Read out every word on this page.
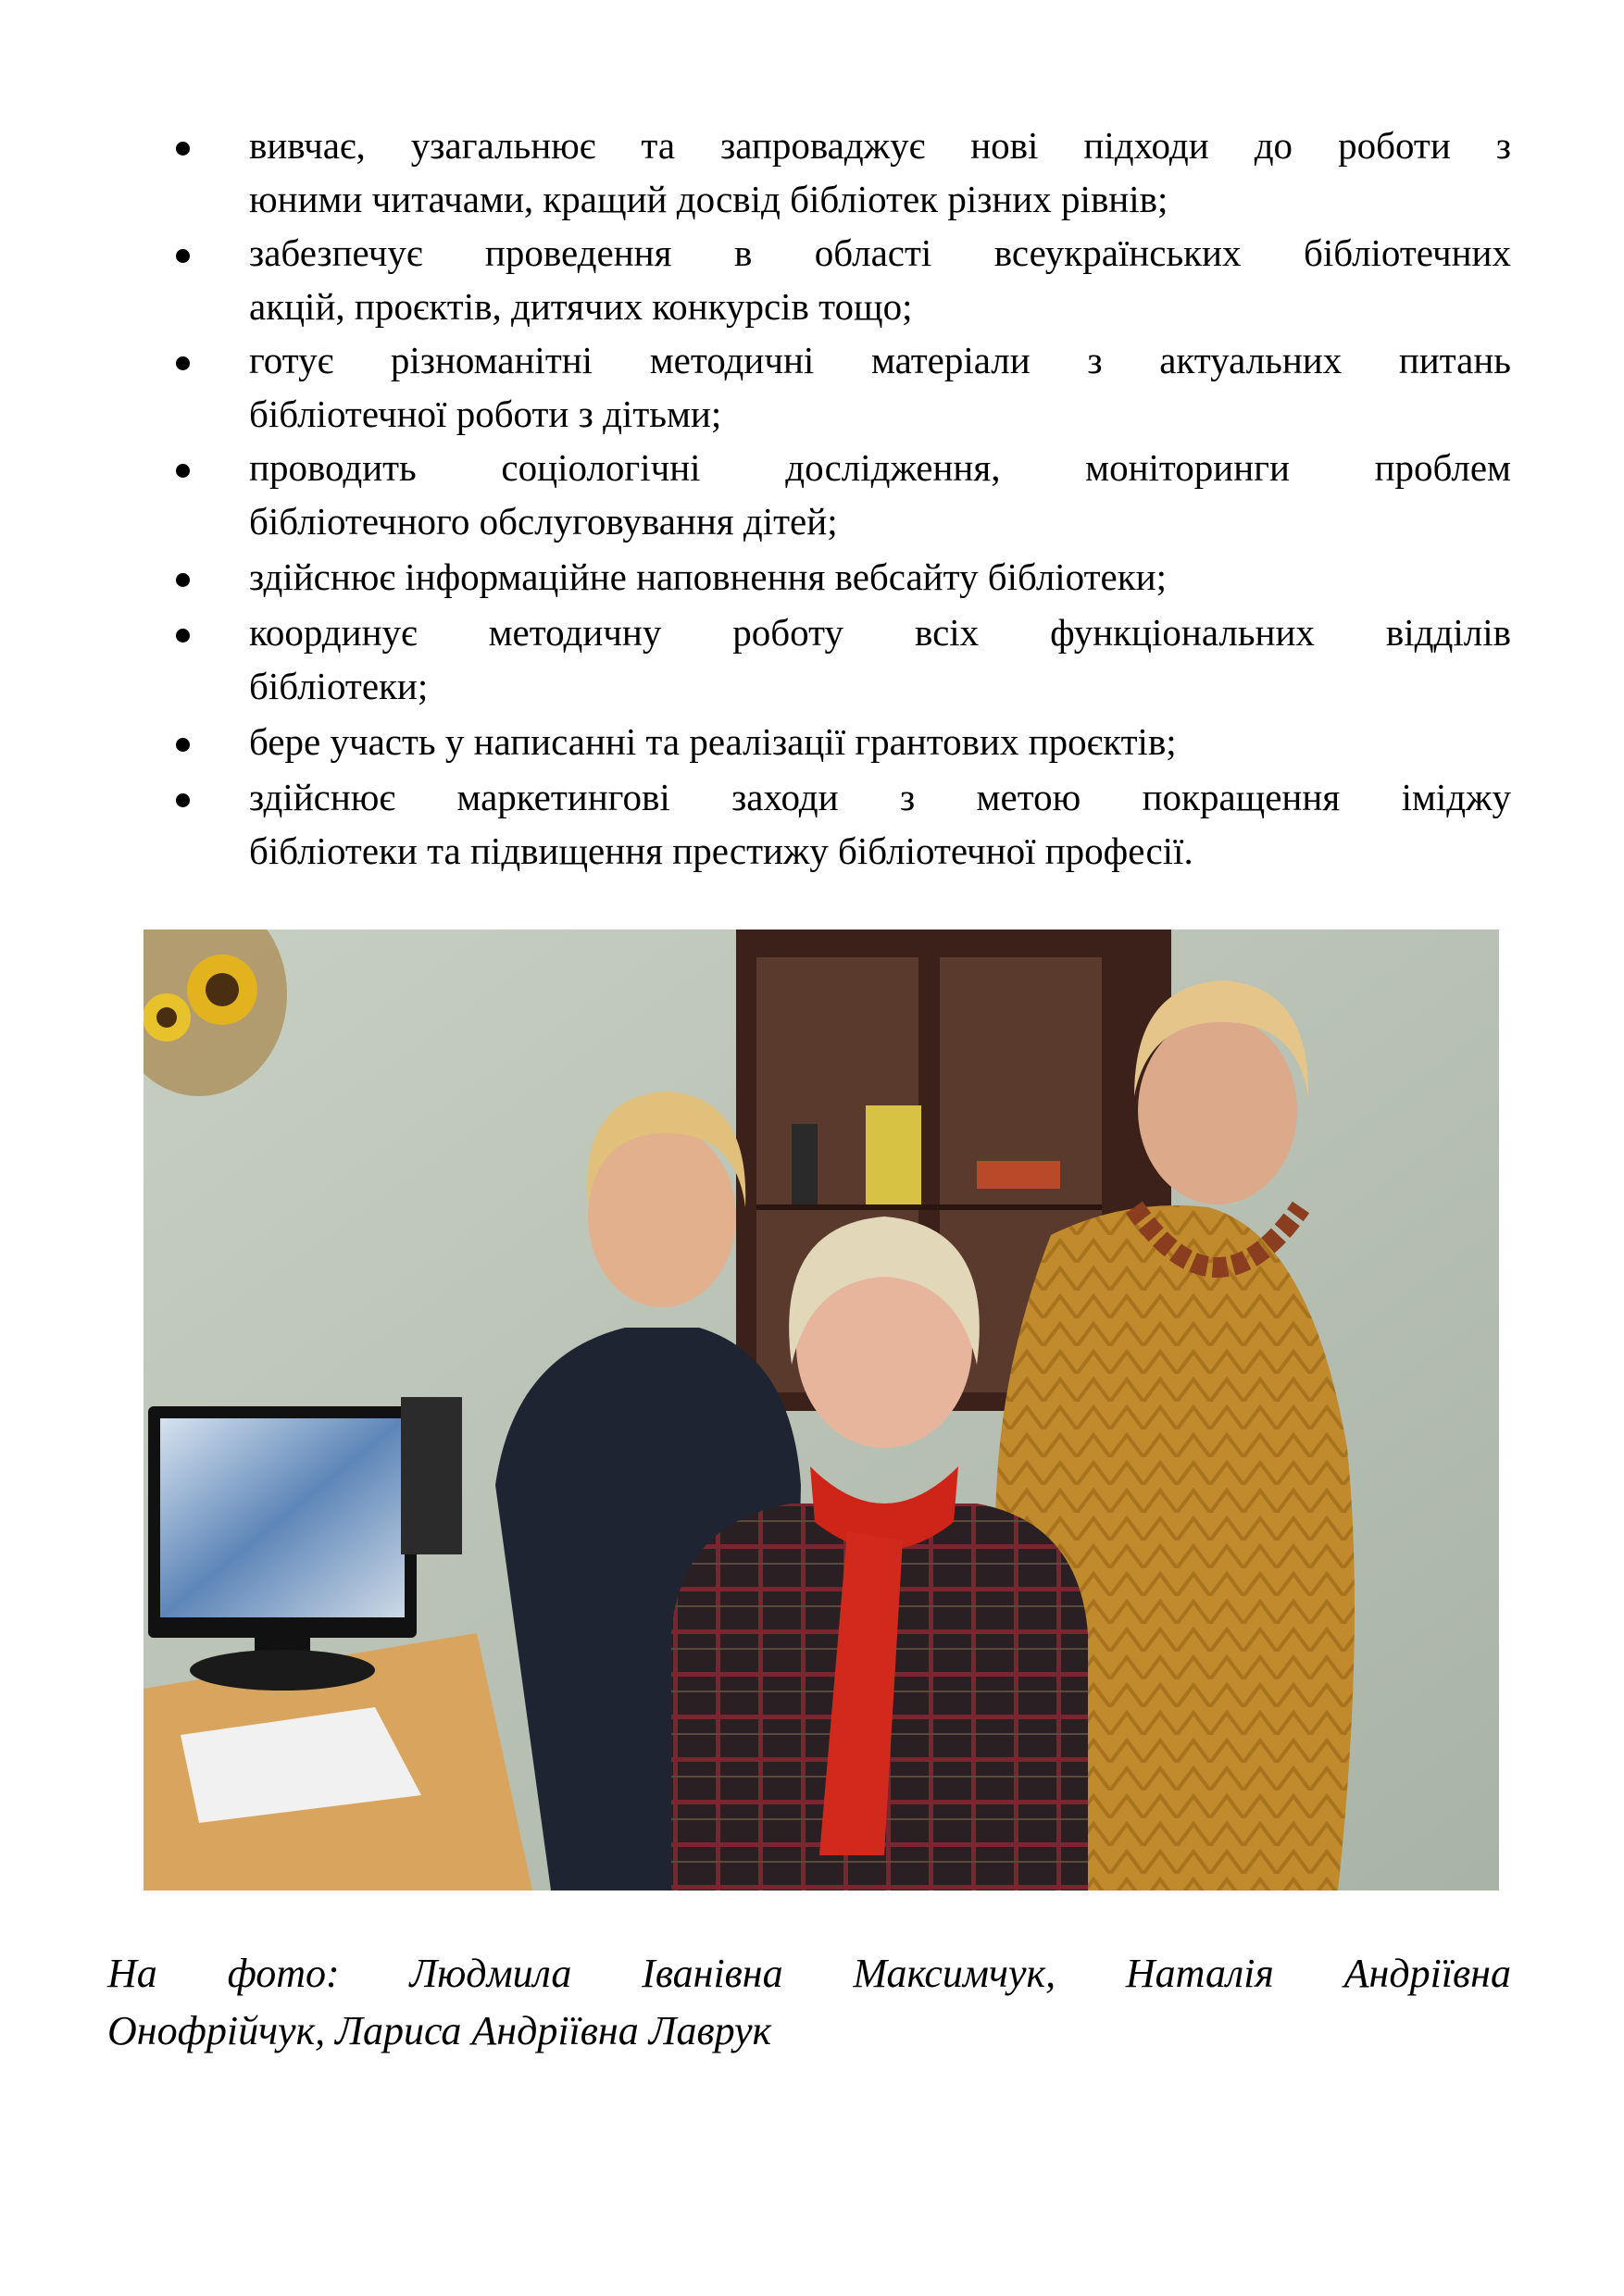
вивчає, узагальнює та запроваджує нові підходи до роботи з
юними читачами, кращий досвід бібліотек різних рівнів;
забезпечує проведення в області всеукраїнських бібліотечних
акцій, проєктів, дитячих конкурсів тощо;
готує різноманітні методичні матеріали з актуальних питань
бібліотечної роботи з дітьми;
проводить соціологічні дослідження, моніторинги проблем
бібліотечного обслуговування дітей;
здійснює інформаційне наповнення вебсайту бібліотеки;
координує методичну роботу всіх функціональних відділів
бібліотеки;
бере участь у написанні та реалізації грантових проєктів;
здійснює маркетингові заходи з метою покращення іміджу
бібліотеки та підвищення престижу бібліотечної професії.
На фото: Людмила Іванівна Максимчук, Наталія Андріївна
Онофрійчук, Лариса Андріївна Лаврук
